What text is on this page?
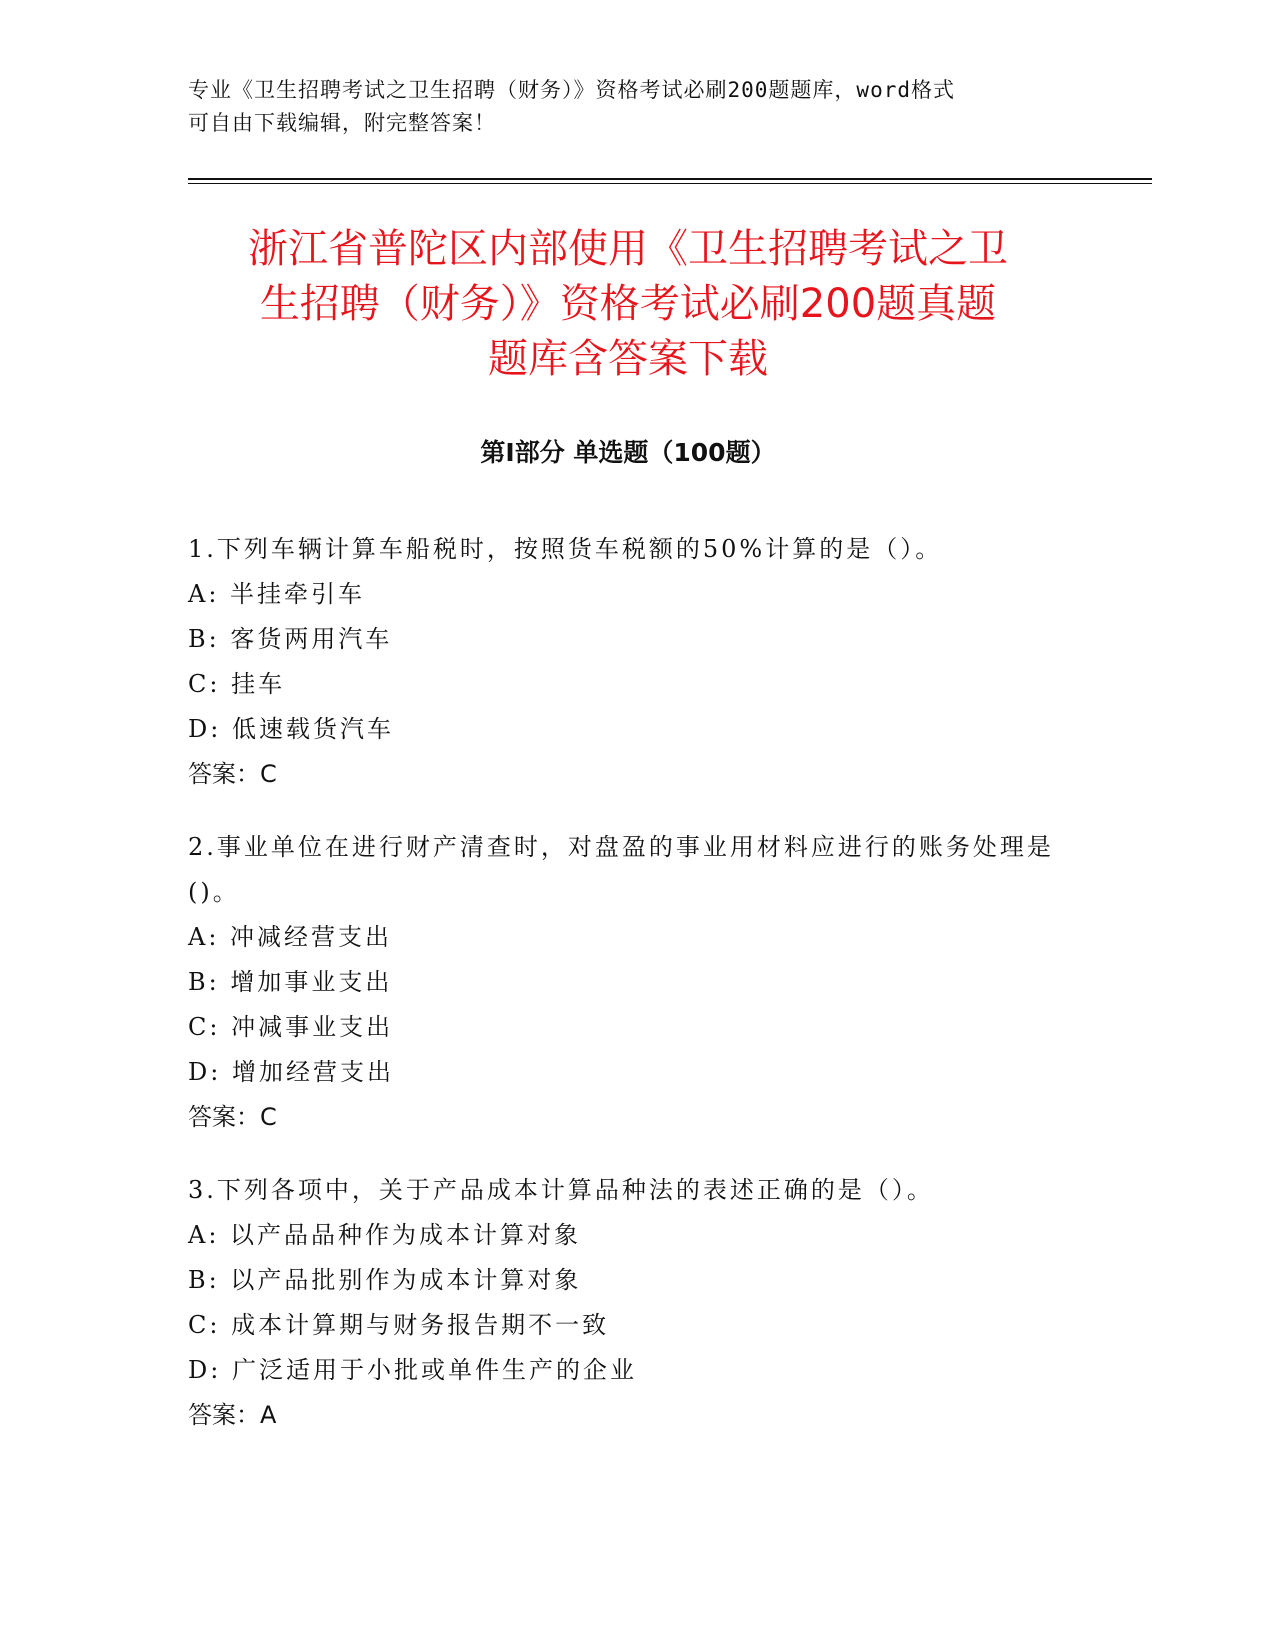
专业《卫生招聘考试之卫生招聘（财务）》资格考试必刷200题题库，word格式
可自由下载编辑，附完整答案！
浙江省普陀区内部使用《卫生招聘考试之卫
生招聘（财务）》资格考试必刷200题真题
题库含答案下载
第Ⅰ部分 单选题（100题）

1.下列车辆计算车船税时，按照货车税额的50%计算的是（）。

A: 半挂牵引车

B: 客货两用汽车

C: 挂车

D: 低速载货汽车

答案：C

2.事业单位在进行财产清查时，对盘盈的事业用材料应进行的账务处理是()。

A: 冲减经营支出

B: 增加事业支出

C: 冲减事业支出

D: 增加经营支出

答案：C

3.下列各项中，关于产品成本计算品种法的表述正确的是（）。

A: 以产品品种作为成本计算对象

B: 以产品批别作为成本计算对象

C: 成本计算期与财务报告期不一致

D: 广泛适用于小批或单件生产的企业

答案：A
